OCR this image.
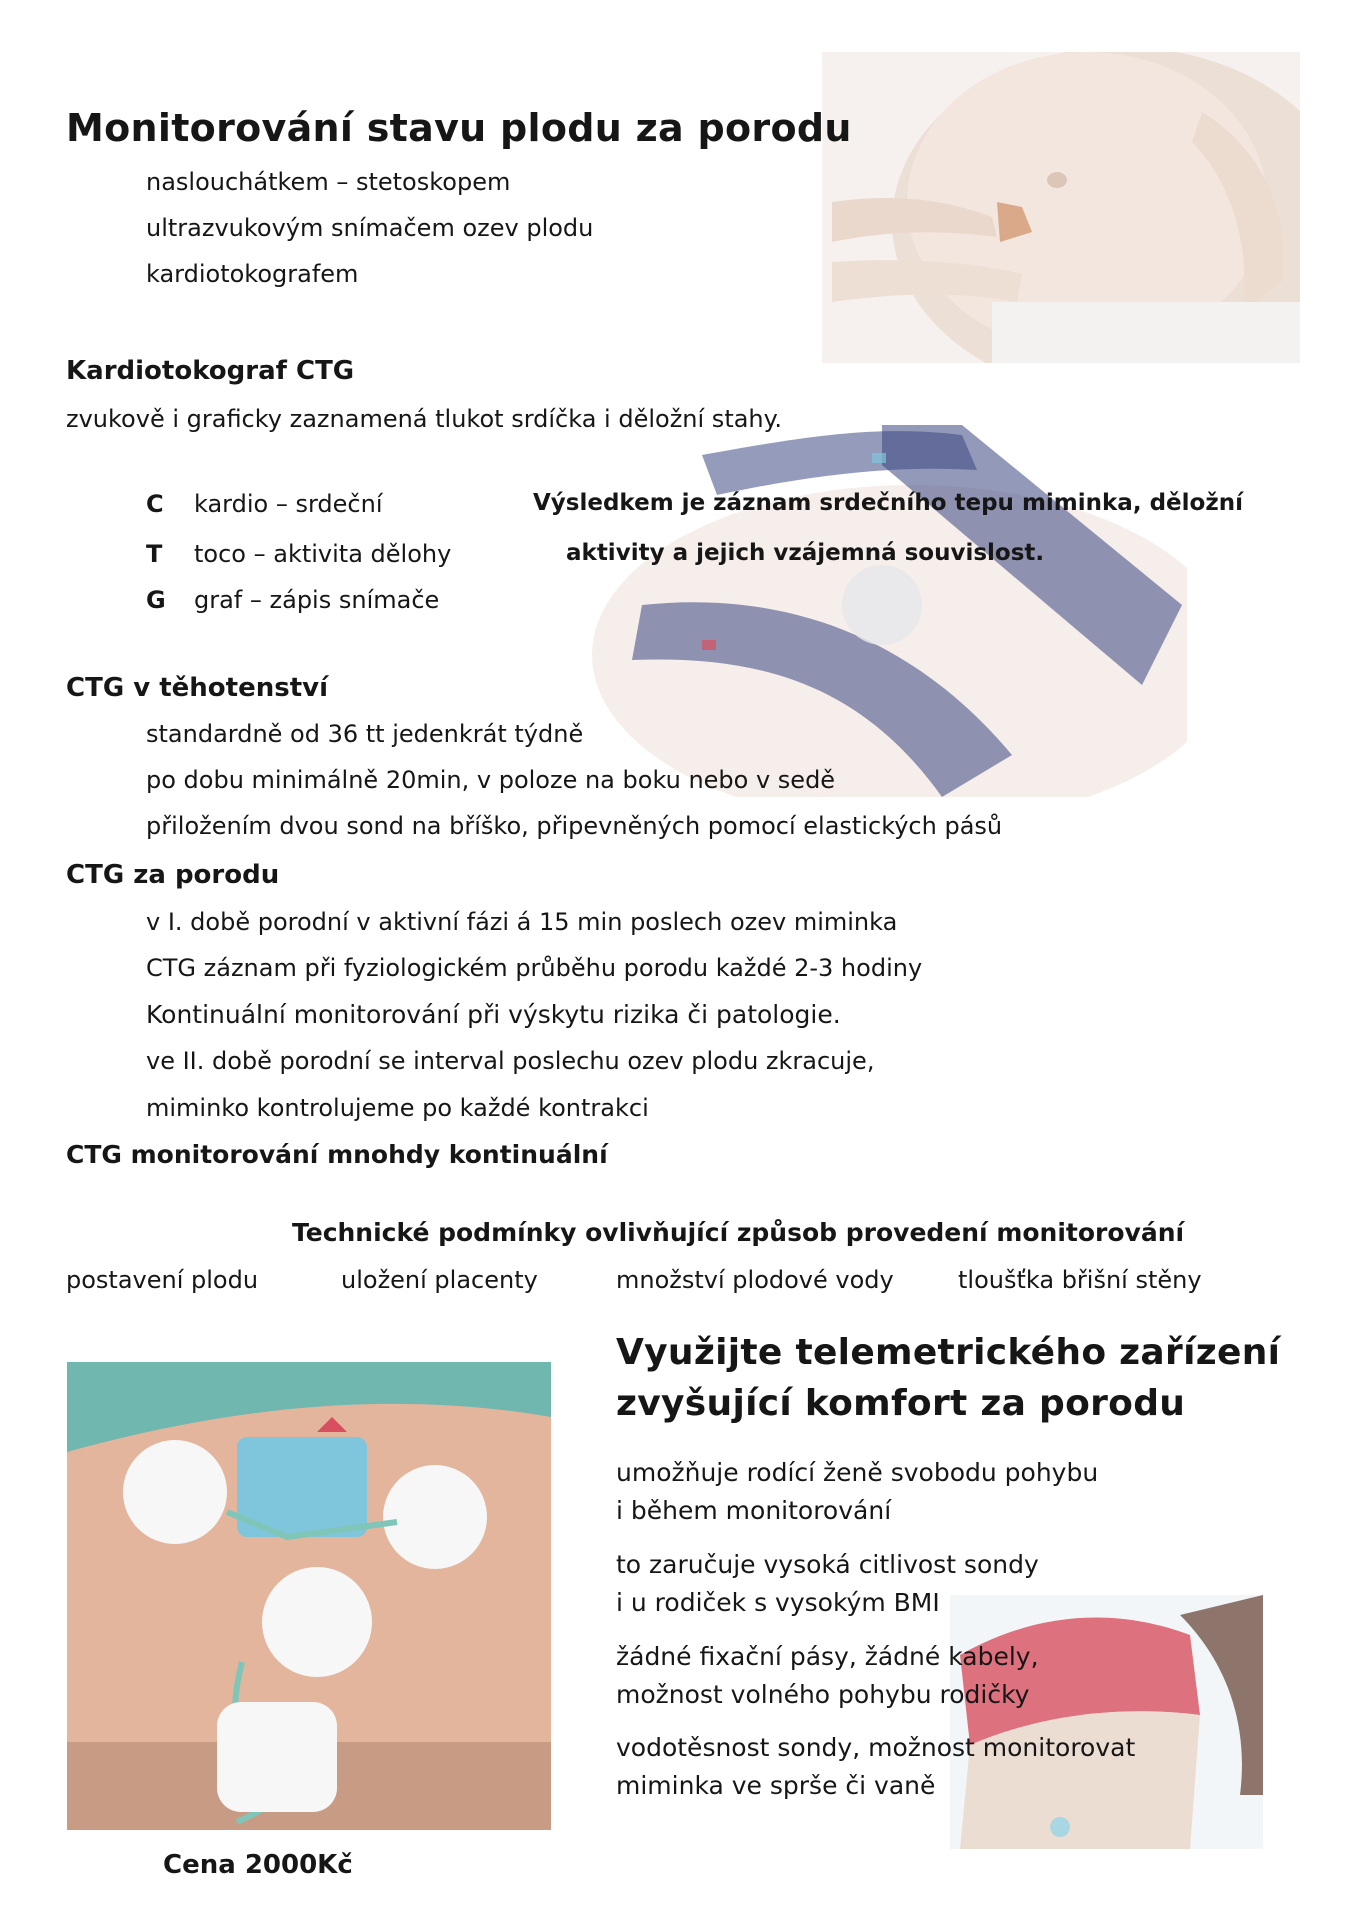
Monitorování stavu plodu za porodu
naslouchátkem – stetoskopem
ultrazvukovým snímačem ozev plodu
kardiotokografem
Kardiotokograf CTG
zvukově i graficky zaznamená tlukot srdíčka i děložní stahy.
C kardio – srdeční
T toco – aktivita dělohy
G graf – zápis snímače
Výsledkem je záznam srdečního tepu miminka, děložní
aktivity a jejich vzájemná souvislost.
CTG v těhotenství
standardně od 36 tt jedenkrát týdně
po dobu minimálně 20min, v poloze na boku nebo v sedě
přiložením dvou sond na bříško, připevněných pomocí elastických pásů
CTG za porodu
v I. době porodní v aktivní fázi á 15 min poslech ozev miminka
CTG záznam při fyziologickém průběhu porodu každé 2-3 hodiny
Kontinuální monitorování při výskytu rizika či patologie.
ve II. době porodní se interval poslechu ozev plodu zkracuje,
miminko kontrolujeme po každé kontrakci
CTG monitorování mnohdy kontinuální
Technické podmínky ovlivňující způsob provedení monitorování
postavení plodu	uložení placenty	množství plodové vody	tloušťka břišní stěny
Využijte telemetrického zařízení
zvyšující komfort za porodu
umožňuje rodící ženě svobodu pohybu
i během monitorování
to zaručuje vysoká citlivost sondy
i u rodiček s vysokým BMI
žádné fixační pásy, žádné kabely,
možnost volného pohybu rodičky
vodotěsnost sondy, možnost monitorovat
miminka ve sprše či vaně
Cena 2000Kč
